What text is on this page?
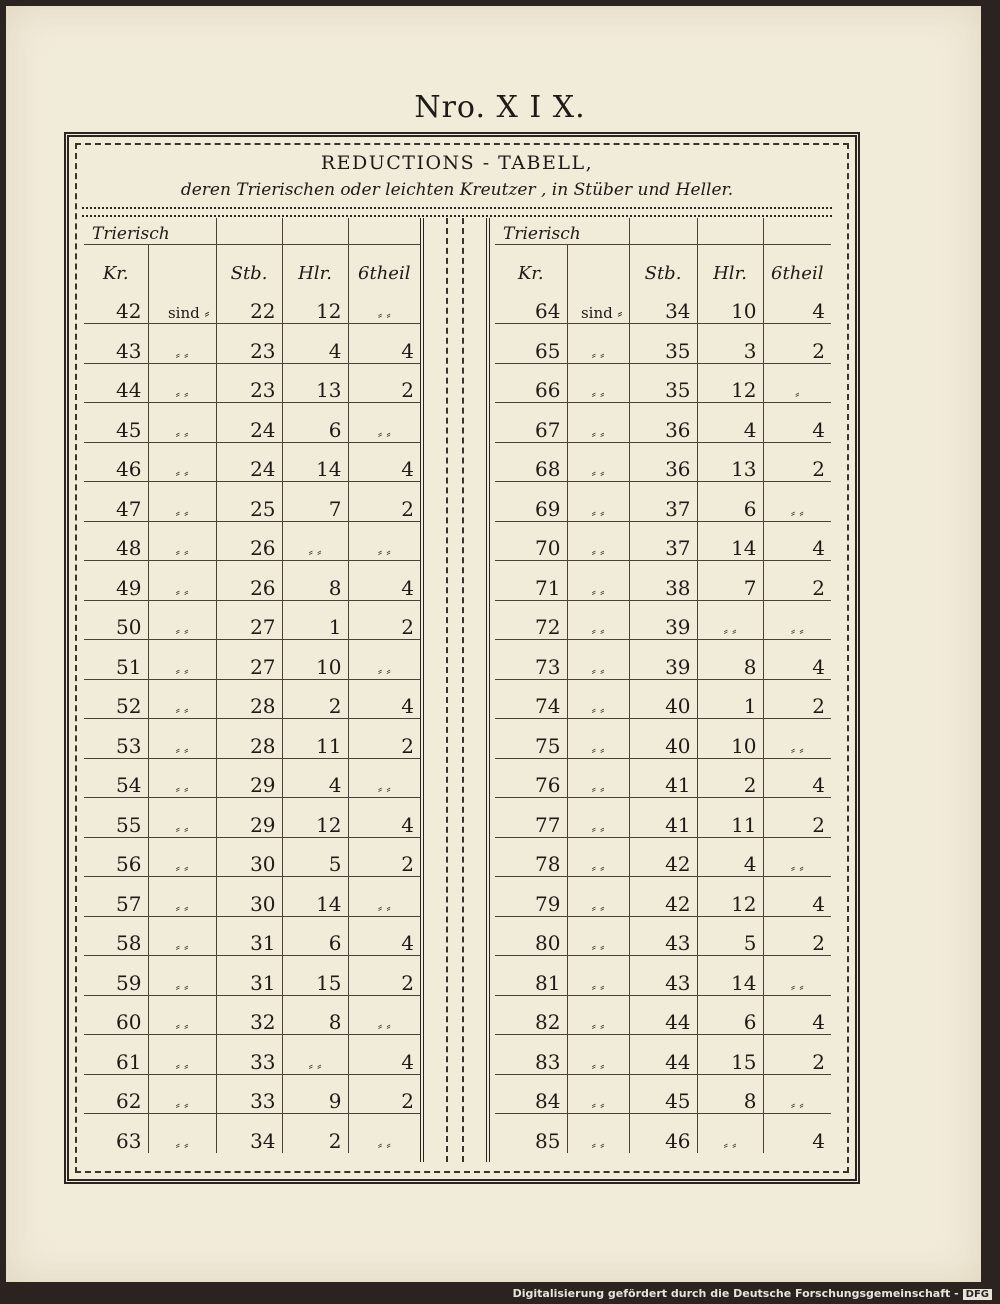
Nro. X I X.
REDUCTIONS - TABELL,
deren Trierischen oder leichten Kreutzer , in Stüber und Heller.
Trierisch				
Kr.		Stb.	Hlr.	6theil
42	sind ⸗	22	12	⸗ ⸗
43	⸗ ⸗	23	4	4
44	⸗ ⸗	23	13	2
45	⸗ ⸗	24	6	⸗ ⸗
46	⸗ ⸗	24	14	4
47	⸗ ⸗	25	7	2
48	⸗ ⸗	26	⸗ ⸗	⸗ ⸗
49	⸗ ⸗	26	8	4
50	⸗ ⸗	27	1	2
51	⸗ ⸗	27	10	⸗ ⸗
52	⸗ ⸗	28	2	4
53	⸗ ⸗	28	11	2
54	⸗ ⸗	29	4	⸗ ⸗
55	⸗ ⸗	29	12	4
56	⸗ ⸗	30	5	2
57	⸗ ⸗	30	14	⸗ ⸗
58	⸗ ⸗	31	6	4
59	⸗ ⸗	31	15	2
60	⸗ ⸗	32	8	⸗ ⸗
61	⸗ ⸗	33	⸗ ⸗	4
62	⸗ ⸗	33	9	2
63	⸗ ⸗	34	2	⸗ ⸗
Trierisch				
Kr.		Stb.	Hlr.	6theil
64	sind ⸗	34	10	4
65	⸗ ⸗	35	3	2
66	⸗ ⸗	35	12	⸗
67	⸗ ⸗	36	4	4
68	⸗ ⸗	36	13	2
69	⸗ ⸗	37	6	⸗ ⸗
70	⸗ ⸗	37	14	4
71	⸗ ⸗	38	7	2
72	⸗ ⸗	39	⸗ ⸗	⸗ ⸗
73	⸗ ⸗	39	8	4
74	⸗ ⸗	40	1	2
75	⸗ ⸗	40	10	⸗ ⸗
76	⸗ ⸗	41	2	4
77	⸗ ⸗	41	11	2
78	⸗ ⸗	42	4	⸗ ⸗
79	⸗ ⸗	42	12	4
80	⸗ ⸗	43	5	2
81	⸗ ⸗	43	14	⸗ ⸗
82	⸗ ⸗	44	6	4
83	⸗ ⸗	44	15	2
84	⸗ ⸗	45	8	⸗ ⸗
85	⸗ ⸗	46	⸗ ⸗	4
Digitalisierung gefördert durch die Deutsche Forschungsgemeinschaft - DFG
